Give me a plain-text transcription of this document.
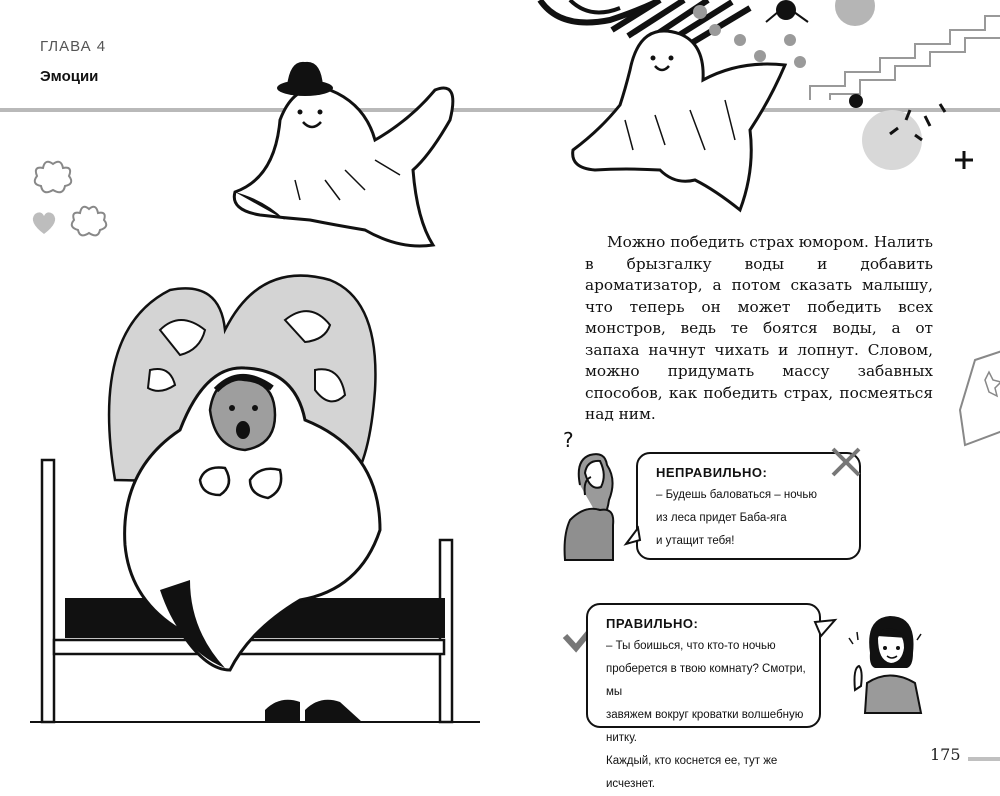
ГЛАВА 4
Эмоции
Можно победить страх юмором. Налить в брызгалку воды и добавить ароматизатор, а потом сказать малышу, что теперь он может победить всех монстров, ведь те боятся воды, а от запаха начнут чихать и лопнут. Словом, можно придумать массу забавных способов, как победить страх, посмеяться над ним.
?
НЕПРАВИЛЬНО:
– Будешь баловаться – ночью
из леса придет Баба-яга
и утащит тебя!
ПРАВИЛЬНО:
– Ты боишься, что кто-то ночью
проберется в твою комнату? Смотри, мы
завяжем вокруг кроватки волшебную нитку.
Каждый, кто коснется ее, тут же исчезнет.
175
